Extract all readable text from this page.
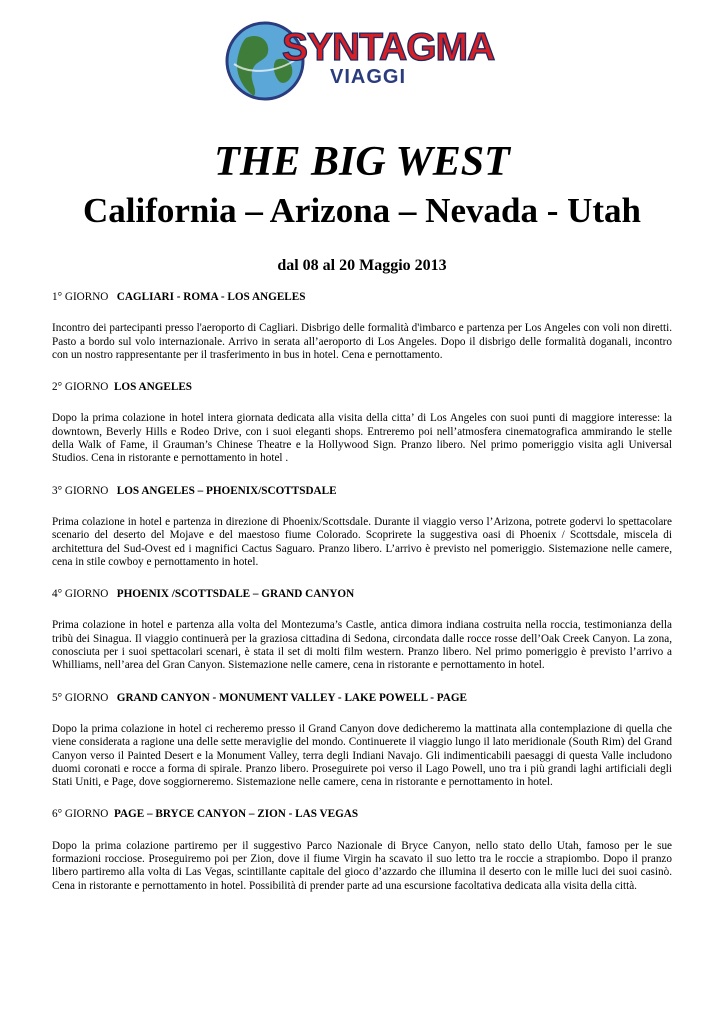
SYNTAGMA
VIAGGI
THE BIG WEST
California – Arizona – Nevada - Utah
dal 08 al 20 Maggio 2013

1° GIORNO CAGLIARI - ROMA - LOS ANGELES

Incontro dei partecipanti presso l'aeroporto di Cagliari. Disbrigo delle formalità d'imbarco e partenza per Los Angeles con voli non diretti. Pasto a bordo sul volo internazionale. Arrivo in serata all’aeroporto di Los Angeles. Dopo il disbrigo delle formalità doganali, incontro con un nostro rappresentante per il trasferimento in bus in hotel. Cena e pernottamento.

2° GIORNO LOS ANGELES

Dopo la prima colazione in hotel intera giornata dedicata alla visita della citta’ di Los Angeles con suoi punti di maggiore interesse: la downtown, Beverly Hills e Rodeo Drive, con i suoi eleganti shops. Entreremo poi nell’atmosfera cinematografica ammirando le stelle della Walk of Fame, il Grauman’s Chinese Theatre e la Hollywood Sign. Pranzo libero. Nel primo pomeriggio visita agli Universal Studios. Cena in ristorante e pernottamento in hotel .

3° GIORNO LOS ANGELES – PHOENIX/SCOTTSDALE

Prima colazione in hotel e partenza in direzione di Phoenix/Scottsdale. Durante il viaggio verso l’Arizona, potrete godervi lo spettacolare scenario del deserto del Mojave e del maestoso fiume Colorado. Scoprirete la suggestiva oasi di Phoenix / Scottsdale, miscela di architettura del Sud-Ovest ed i magnifici Cactus Saguaro. Pranzo libero. L’arrivo è previsto nel pomeriggio. Sistemazione nelle camere, cena in stile cowboy e pernottamento in hotel.

4° GIORNO PHOENIX /SCOTTSDALE – GRAND CANYON

Prima colazione in hotel e partenza alla volta del Montezuma’s Castle, antica dimora indiana costruita nella roccia, testimonianza della tribù dei Sinagua. Il viaggio continuerà per la graziosa cittadina di Sedona, circondata dalle rocce rosse dell’Oak Creek Canyon. La zona, conosciuta per i suoi spettacolari scenari, è stata il set di molti film western. Pranzo libero. Nel primo pomeriggio è previsto l’arrivo a Whilliams, nell’area del Gran Canyon. Sistemazione nelle camere, cena in ristorante e pernottamento in hotel.

5° GIORNO GRAND CANYON - MONUMENT VALLEY - LAKE POWELL - PAGE

Dopo la prima colazione in hotel ci recheremo presso il Grand Canyon dove dedicheremo la mattinata alla contemplazione di quella che viene considerata a ragione una delle sette meraviglie del mondo. Continuerete il viaggio lungo il lato meridionale (South Rim) del Grand Canyon verso il Painted Desert e la Monument Valley, terra degli Indiani Navajo. Gli indimenticabili paesaggi di questa Valle includono duomi coronati e rocce a forma di spirale. Pranzo libero. Proseguirete poi verso il Lago Powell, uno tra i più grandi laghi artificiali degli Stati Uniti, e Page, dove soggiorneremo. Sistemazione nelle camere, cena in ristorante e pernottamento in hotel.

6° GIORNO PAGE – BRYCE CANYON – ZION - LAS VEGAS

Dopo la prima colazione partiremo per il suggestivo Parco Nazionale di Bryce Canyon, nello stato dello Utah, famoso per le sue formazioni rocciose. Proseguiremo poi per Zion, dove il fiume Virgin ha scavato il suo letto tra le roccie a strapiombo. Dopo il pranzo libero partiremo alla volta di Las Vegas, scintillante capitale del gioco d’azzardo che illumina il deserto con le mille luci dei suoi casinò. Cena in ristorante e pernottamento in hotel. Possibilità di prender parte ad una escursione facoltativa dedicata alla visita della città.
